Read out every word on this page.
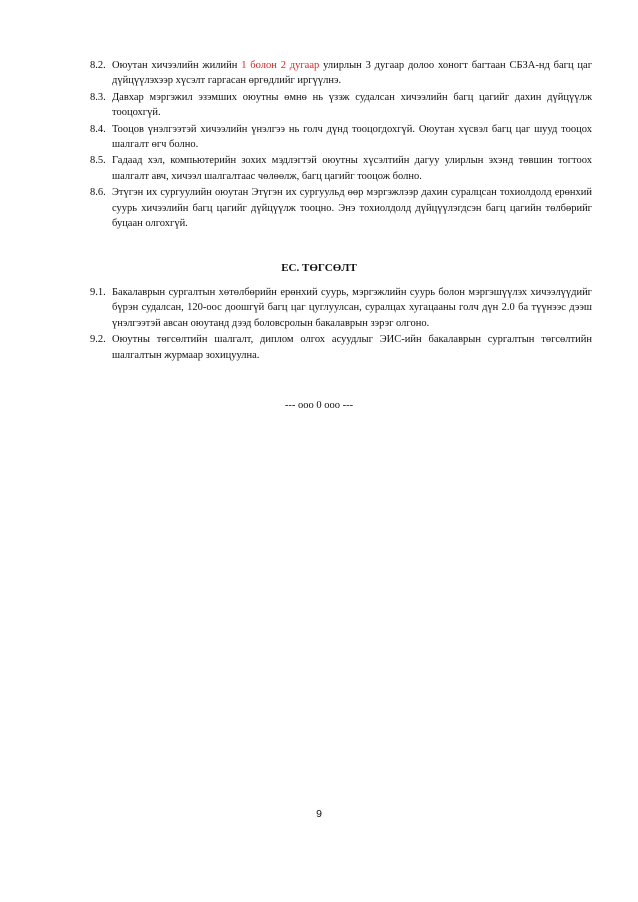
8.2. Оюутан хичээлийн жилийн 1 болон 2 дугаар улирлын 3 дугаар долоо хоногт багтаан СБЗА-нд багц цаг дүйцүүлэхээр хүсэлт гаргасан өргөдлийг иргүүлнэ.
8.3. Давхар мэргэжил эзэмших оюутны өмнө нь үзэж судалсан хичээлийн багц цагийг дахин дүйцүүлж тооцохгүй.
8.4. Тооцов үнэлгээтэй хичээлийн үнэлгээ нь голч дүнд тооцогдохгүй. Оюутан хүсвэл багц цаг шууд тооцох шалгалт өгч болно.
8.5. Гадаад хэл, компьютерийн зохих мэдлэгтэй оюутны хүсэлтийн дагуу улирлын эхэнд төвшин тогтоох шалгалт авч, хичээл шалгалтаас чөлөөлж, багц цагийг тооцож болно.
8.6. Этүгэн их сургуулийн оюутан Этүгэн их сургуульд өөр мэргэжлээр дахин суралцсан тохиолдолд ерөнхий суурь хичээлийн багц цагийг дүйцүүлж тооцно. Энэ тохиолдолд дүйцүүлэгдсэн багц цагийн төлбөрийг буцаан олгохгүй.
ЕС. ТӨГСӨЛТ
9.1. Бакалаврын сургалтын хөтөлбөрийн ерөнхий суурь, мэргэжлийн суурь болон мэргэшүүлэх хичээлүүдийг бүрэн судалсан, 120-оос доошгүй багц цаг цуглуулсан, суралцах хугацааны голч дүн 2.0 ба түүнээс дээш үнэлгээтэй авсан оюутанд дээд боловсролын бакалаврын зэрэг олгоно.
9.2. Оюутны төгсөлтийн шалгалт, диплом олгох асуудлыг ЭИС-ийн бакалаврын сургалтын төгсөлтийн шалгалтын журмаар зохицуулна.
--- ооо 0 ооо ---
9
